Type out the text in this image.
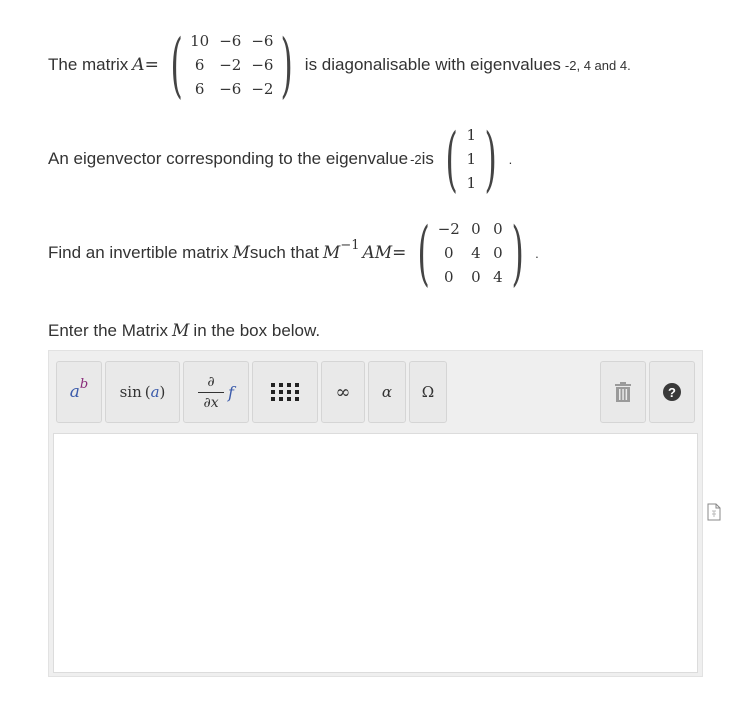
The matrix A = ( 10 −6 −6
6 −2 −6
6 −6 −2 ) is diagonalisable with eigenvalues -2, 4 and 4.
An eigenvector corresponding to the eigenvalue -2 is ( 1
1
1 ) .
Find an invertible matrix M such that M −1 AM = ( −2 0 0
0	4 0
0	0 4 ) .
Enter the Matrix M in the box below.
a b sin ( a )
∂
∂x
f	∞ α Ω	?
